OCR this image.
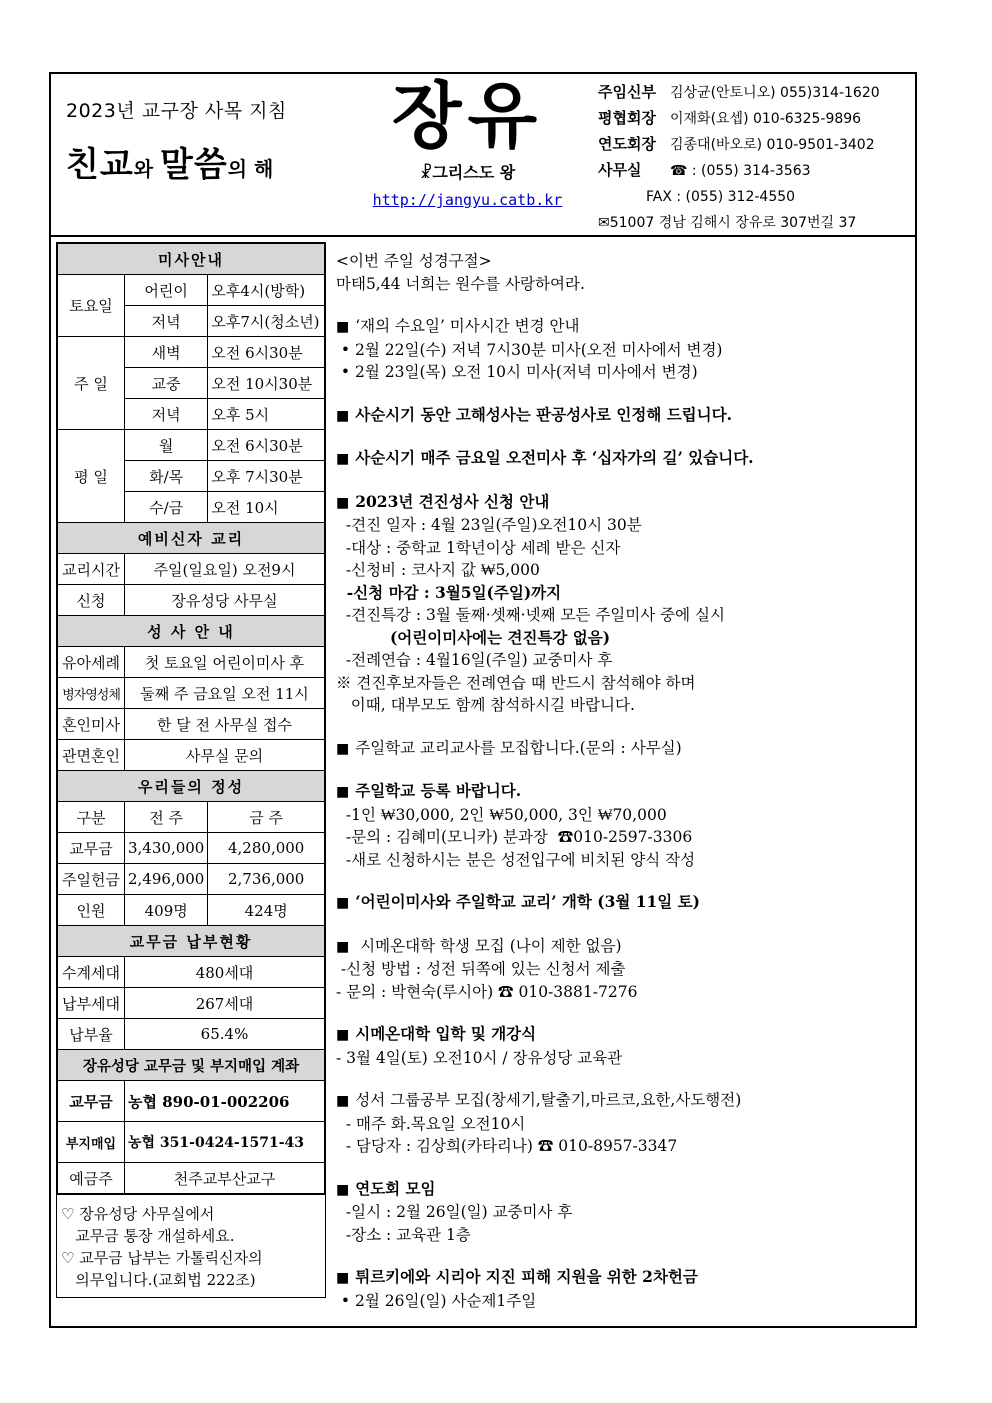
2023년 교구장 사목 지침
친교와 말씀의 해
장유
☧그리스도 왕
http://jangyu.catb.kr
주임신부 김상균(안토니오) 055)314-1620
평협회장 이재화(요셉) 010-6325-9896
연도회장 김종대(바오로) 010-9501-3402
사무실 ☎ : (055) 314-3563
FAX : (055) 312-4550
✉51007 경남 김해시 장유로 307번길 37
미사안내		
토요일	어린이	오후4시(방학)
	저녁	오후7시(청소년)
주 일	새벽	오전 6시30분
	교중	오전 10시30분
	저녁	오후 5시
평 일	월	오전 6시30분
	화/목	오후 7시30분
	수/금	오전 10시
예비신자 교리		
교리시간	주일(일요일) 오전9시	
신청	장유성당 사무실	
성 사 안 내		
유아세례	첫 토요일 어린이미사 후	
병자영성체	둘째 주 금요일 오전 11시	
혼인미사	한 달 전 사무실 접수	
관면혼인	사무실 문의	
우리들의 정성		
구분	전 주	금 주
교무금	3,430,000	4,280,000
주일헌금	2,496,000	2,736,000
인원	409명	424명
교무금 납부현황		
수계세대	480세대	
납부세대	267세대	
납부율	65.4%	
장유성당 교무금 및 부지매입 계좌		
교무금	농협 890-01-002206	
부지매입	농협 351-0424-1571-43	
예금주	천주교부산교구	
♡ 장유성당 사무실에서
교무금 통장 개설하세요.
♡ 교무금 납부는 가톨릭신자의
의무입니다.(교회법 222조)
<이번 주일 성경구절>
마태5,44 너희는 원수를 사랑하여라.
■ ‘재의 수요일’ 미사시간 변경 안내
• 2월 22일(수) 저녁 7시30분 미사(오전 미사에서 변경)
• 2월 23일(목) 오전 10시 미사(저녁 미사에서 변경)
■ 사순시기 동안 고해성사는 판공성사로 인정해 드립니다.
■ 사순시기 매주 금요일 오전미사 후 ‘십자가의 길’ 있습니다.
■ 2023년 견진성사 신청 안내
-견진 일자 : 4월 23일(주일)오전10시 30분
-대상 : 중학교 1학년이상 세례 받은 신자
-신청비 : 코사지 값 ₩5,000
-신청 마감 : 3월5일(주일)까지
-견진특강 : 3월 둘째·셋째·넷째 모든 주일미사 중에 실시
(어린이미사에는 견진특강 없음)
-전례연습 : 4월16일(주일) 교중미사 후
※ 견진후보자들은 전례연습 때 반드시 참석해야 하며
이때, 대부모도 함께 참석하시길 바랍니다.
■ 주일학교 교리교사를 모집합니다.(문의 : 사무실)
■ 주일학교 등록 바랍니다.
-1인 ₩30,000, 2인 ₩50,000, 3인 ₩70,000
-문의 : 김혜미(모니카) 분과장  ☎010-2597-3306
-새로 신청하시는 분은 성전입구에 비치된 양식 작성
■ ‘어린이미사와 주일학교 교리’ 개학 (3월 11일 토)
■ 시메온대학 학생 모집 (나이 제한 없음)
-신청 방법 : 성전 뒤쪽에 있는 신청서 제출
- 문의 : 박현숙(루시아) ☎ 010-3881-7276
■ 시메온대학 입학 및 개강식
- 3월 4일(토) 오전10시 / 장유성당 교육관
■ 성서 그룹공부 모집(창세기,탈출기,마르코,요한,사도행전)
- 매주 화.목요일 오전10시
- 담당자 : 김상희(카타리나) ☎ 010-8957-3347
■ 연도회 모임
-일시 : 2월 26일(일) 교중미사 후
-장소 : 교육관 1층
■ 튀르키에와 시리아 지진 피해 지원을 위한 2차헌금
• 2월 26일(일) 사순제1주일
